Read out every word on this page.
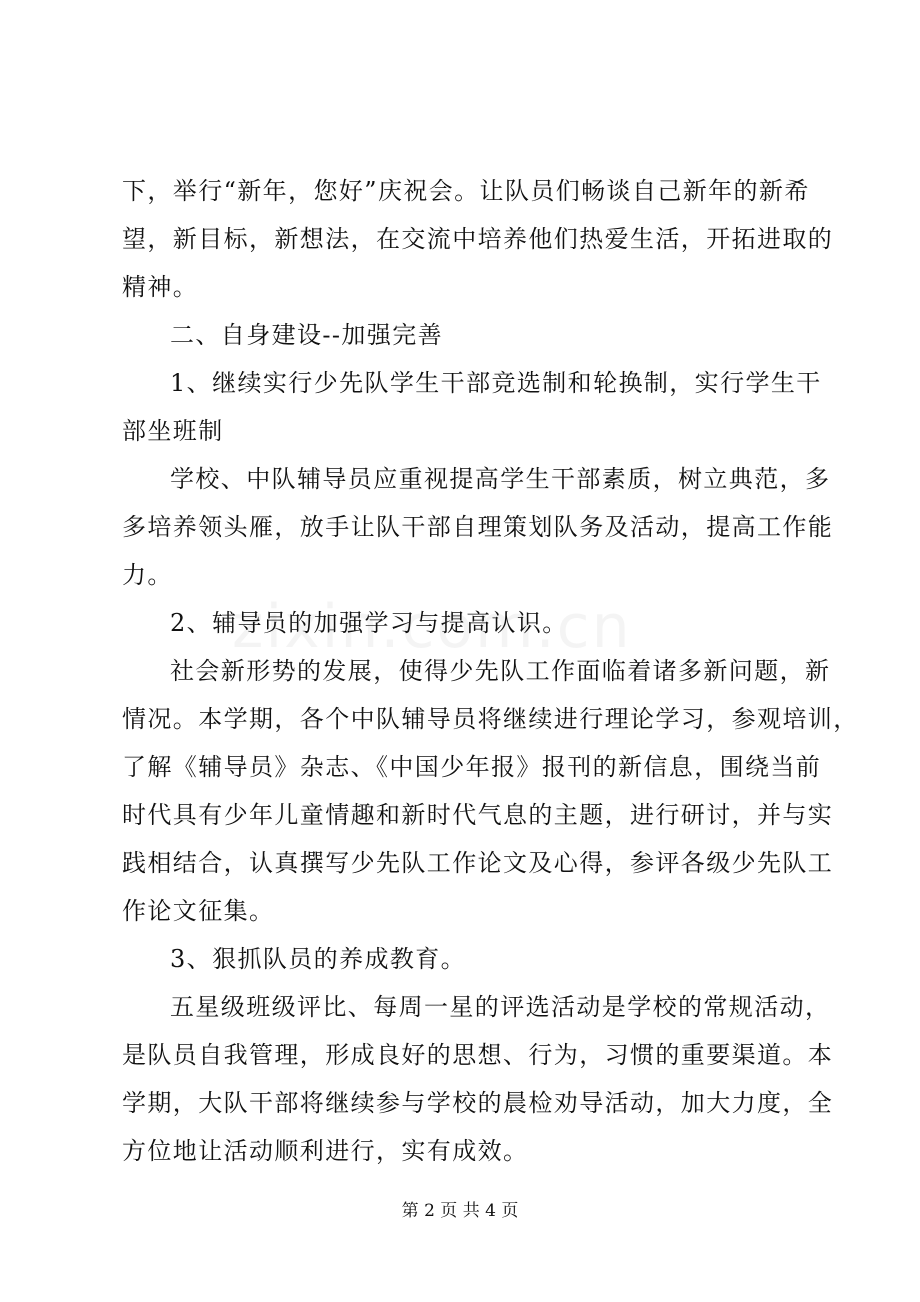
下，举行“新年，您好”庆祝会。让队员们畅谈自己新年的新希
望，新目标，新想法，在交流中培养他们热爱生活，开拓进取的
精神。
二、自身建设--加强完善
1、继续实行少先队学生干部竞选制和轮换制，实行学生干
部坐班制
学校、中队辅导员应重视提高学生干部素质，树立典范，多
多培养领头雁，放手让队干部自理策划队务及活动，提高工作能
力。
2、辅导员的加强学习与提高认识。
社会新形势的发展，使得少先队工作面临着诸多新问题，新
情况。本学期，各个中队辅导员将继续进行理论学习，参观培训，
了解《辅导员》杂志、《中国少年报》报刊的新信息，围绕当前
时代具有少年儿童情趣和新时代气息的主题，进行研讨，并与实
践相结合，认真撰写少先队工作论文及心得，参评各级少先队工
作论文征集。
3、狠抓队员的养成教育。
五星级班级评比、每周一星的评选活动是学校的常规活动，
是队员自我管理，形成良好的思想、行为，习惯的重要渠道。本
学期，大队干部将继续参与学校的晨检劝导活动，加大力度，全
方位地让活动顺利进行，实有成效。
第 2 页 共 4 页
